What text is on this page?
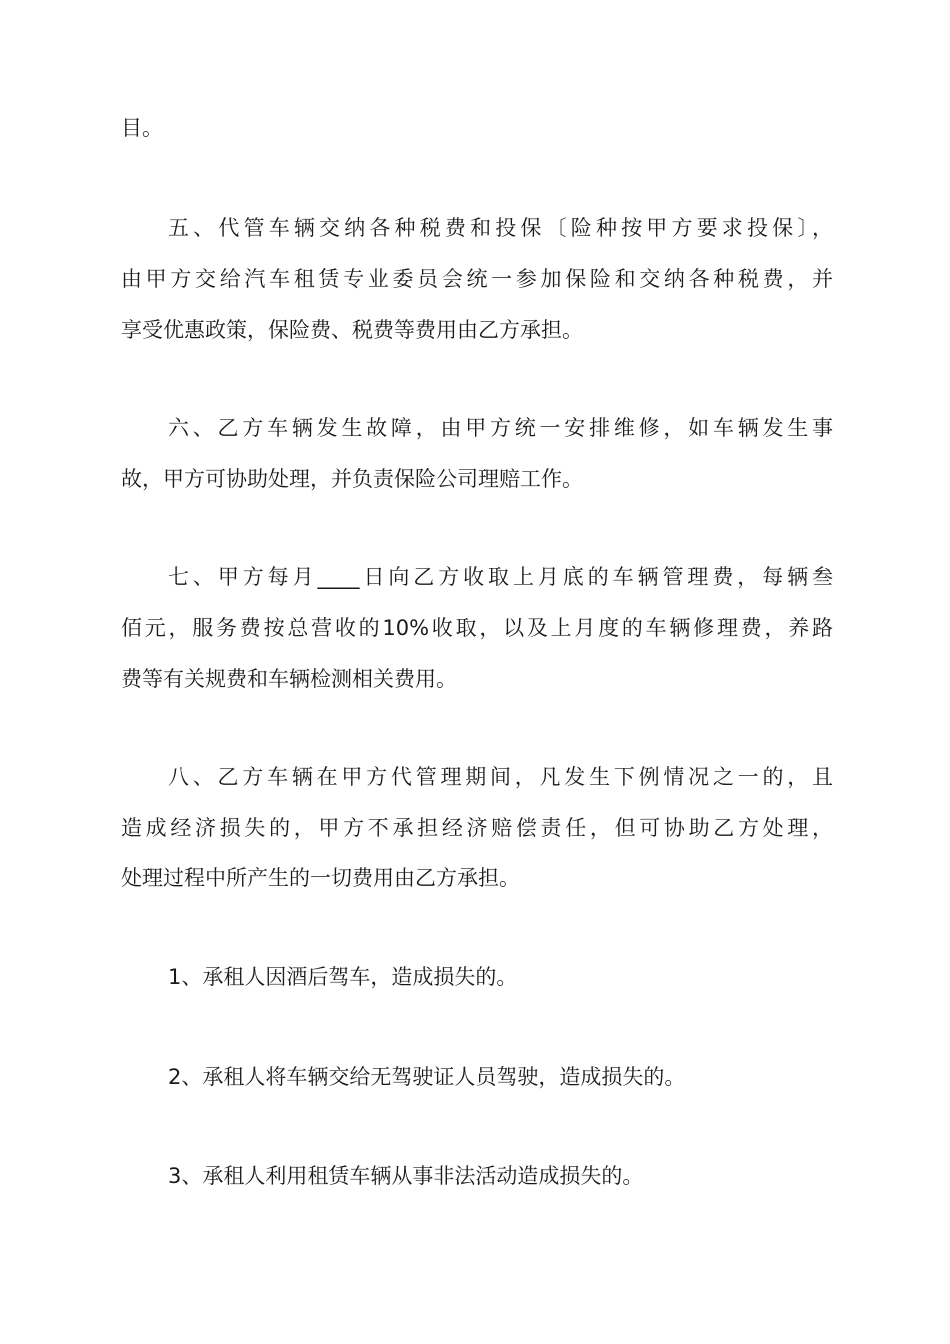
目。

五、代管车辆交纳各种税费和投保〔险种按甲方要求投保〕，

由甲方交给汽车租赁专业委员会统一参加保险和交纳各种税费，并

享受优惠政策，保险费、税费等费用由乙方承担。

六、乙方车辆发生故障，由甲方统一安排维修，如车辆发生事

故，甲方可协助处理，并负责保险公司理赔工作。

七、甲方每月____日向乙方收取上月底的车辆管理费，每辆叁

佰元，服务费按总营收的10%收取，以及上月度的车辆修理费，养路

费等有关规费和车辆检测相关费用。

八、乙方车辆在甲方代管理期间，凡发生下例情况之一的，且

造成经济损失的，甲方不承担经济赔偿责任，但可协助乙方处理，

处理过程中所产生的一切费用由乙方承担。

1、承租人因酒后驾车，造成损失的。

2、承租人将车辆交给无驾驶证人员驾驶，造成损失的。

3、承租人利用租赁车辆从事非法活动造成损失的。
